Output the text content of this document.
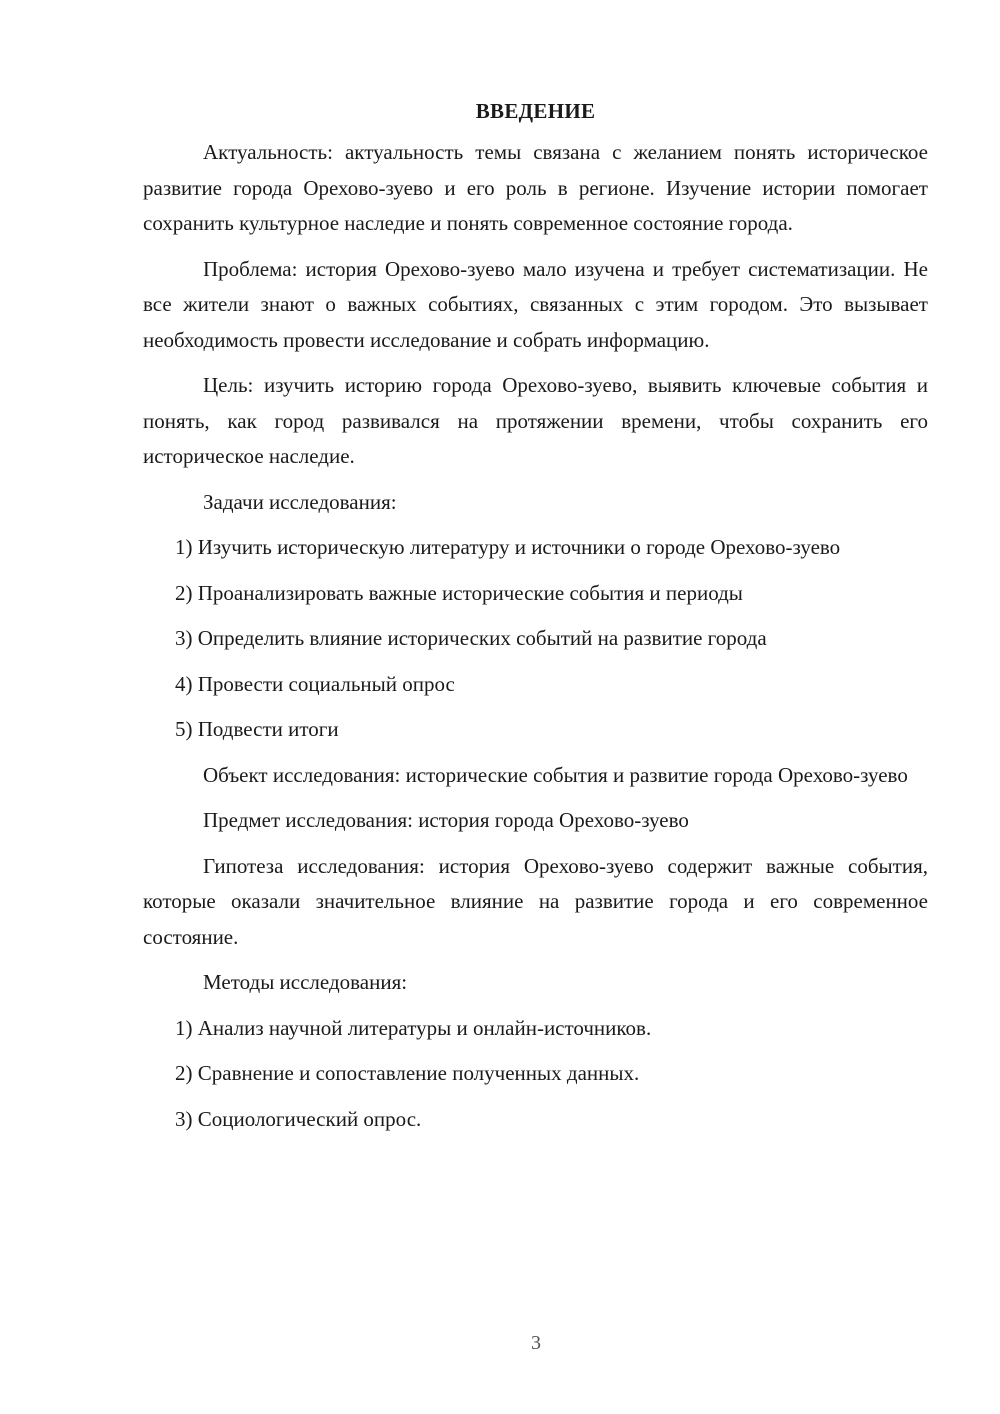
ВВЕДЕНИЕ

Актуальность: актуальность темы связана с желанием понять историческое развитие города Орехово-зуево и его роль в регионе. Изучение истории помогает сохранить культурное наследие и понять современное состояние города.

Проблема: история Орехово-зуево мало изучена и требует систематизации. Не все жители знают о важных событиях, связанных с этим городом. Это вызывает необходимость провести исследование и собрать информацию.

Цель: изучить историю города Орехово-зуево, выявить ключевые события и понять, как город развивался на протяжении времени, чтобы сохранить его историческое наследие.

Задачи исследования:

1) Изучить историческую литературу и источники о городе Орехово-зуево

2) Проанализировать важные исторические события и периоды

3) Определить влияние исторических событий на развитие города

4) Провести социальный опрос

5) Подвести итоги

Объект исследования: исторические события и развитие города Орехово-зуево

Предмет исследования: история города Орехово-зуево

Гипотеза исследования: история Орехово-зуево содержит важные события, которые оказали значительное влияние на развитие города и его современное состояние.

Методы исследования:

1) Анализ научной литературы и онлайн-источников.

2) Сравнение и сопоставление полученных данных.

3) Социологический опрос.

3
